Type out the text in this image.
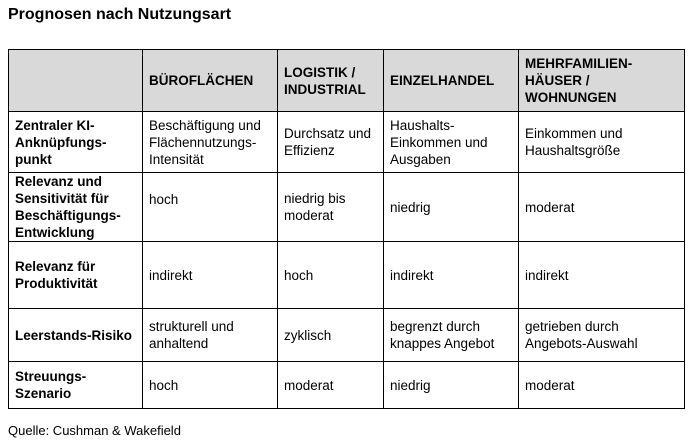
Prognosen nach Nutzungsart
	BÜROFLÄCHEN	LOGISTIK / INDUSTRIAL	EINZELHANDEL	MEHRFAMILIEN-HÄUSER / WOHNUNGEN
Zentraler KI-Anknüpfungs-punkt	Beschäftigung und Flächennutzungs-Intensität	Durchsatz und Effizienz	Haushalts-Einkommen und Ausgaben	Einkommen und Haushaltsgröße
Relevanz und Sensitivität für Beschäftigungs-Entwicklung	hoch	niedrig bis moderat	niedrig	moderat
Relevanz für Produktivität	indirekt	hoch	indirekt	indirekt
Leerstands-Risiko	strukturell und anhaltend	zyklisch	begrenzt durch knappes Angebot	getrieben durch Angebots-Auswahl
Streuungs-Szenario	hoch	moderat	niedrig	moderat
Quelle: Cushman & Wakefield
